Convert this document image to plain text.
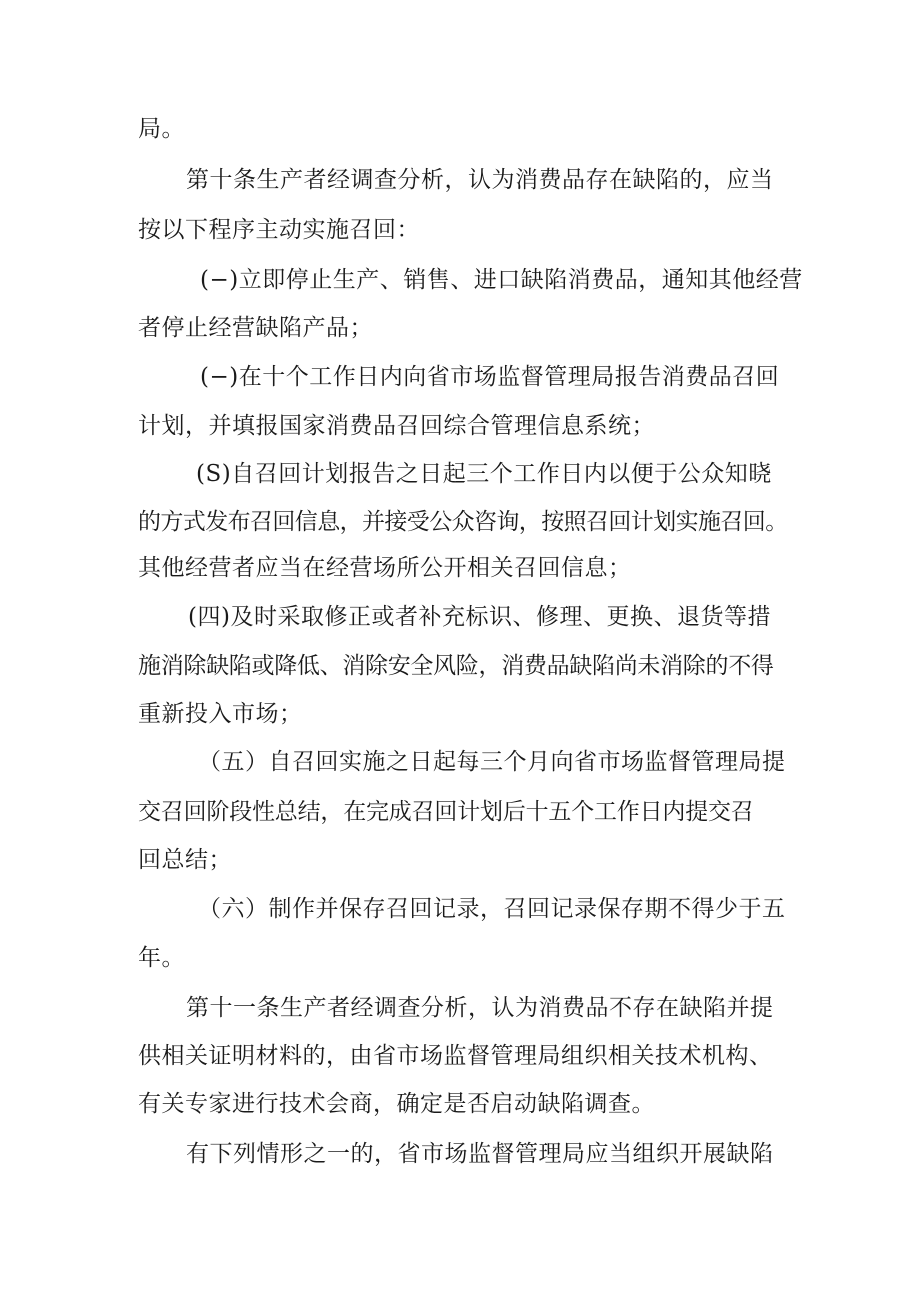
局。
第十条生产者经调查分析，认为消费品存在缺陷的，应当
按以下程序主动实施召回：
(−)立即停止生产、销售、进口缺陷消费品，通知其他经营
者停止经营缺陷产品；
(−)在十个工作日内向省市场监督管理局报告消费品召回
计划，并填报国家消费品召回综合管理信息系统；
(S)自召回计划报告之日起三个工作日内以便于公众知晓
的方式发布召回信息，并接受公众咨询，按照召回计划实施召回。
其他经营者应当在经营场所公开相关召回信息；
(四)及时采取修正或者补充标识、修理、更换、退货等措
施消除缺陷或降低、消除安全风险，消费品缺陷尚未消除的不得
重新投入市场；
（五）自召回实施之日起每三个月向省市场监督管理局提
交召回阶段性总结，在完成召回计划后十五个工作日内提交召
回总结；
（六）制作并保存召回记录，召回记录保存期不得少于五
年。
第十一条生产者经调查分析，认为消费品不存在缺陷并提
供相关证明材料的，由省市场监督管理局组织相关技术机构、
有关专家进行技术会商，确定是否启动缺陷调查。
有下列情形之一的，省市场监督管理局应当组织开展缺陷
